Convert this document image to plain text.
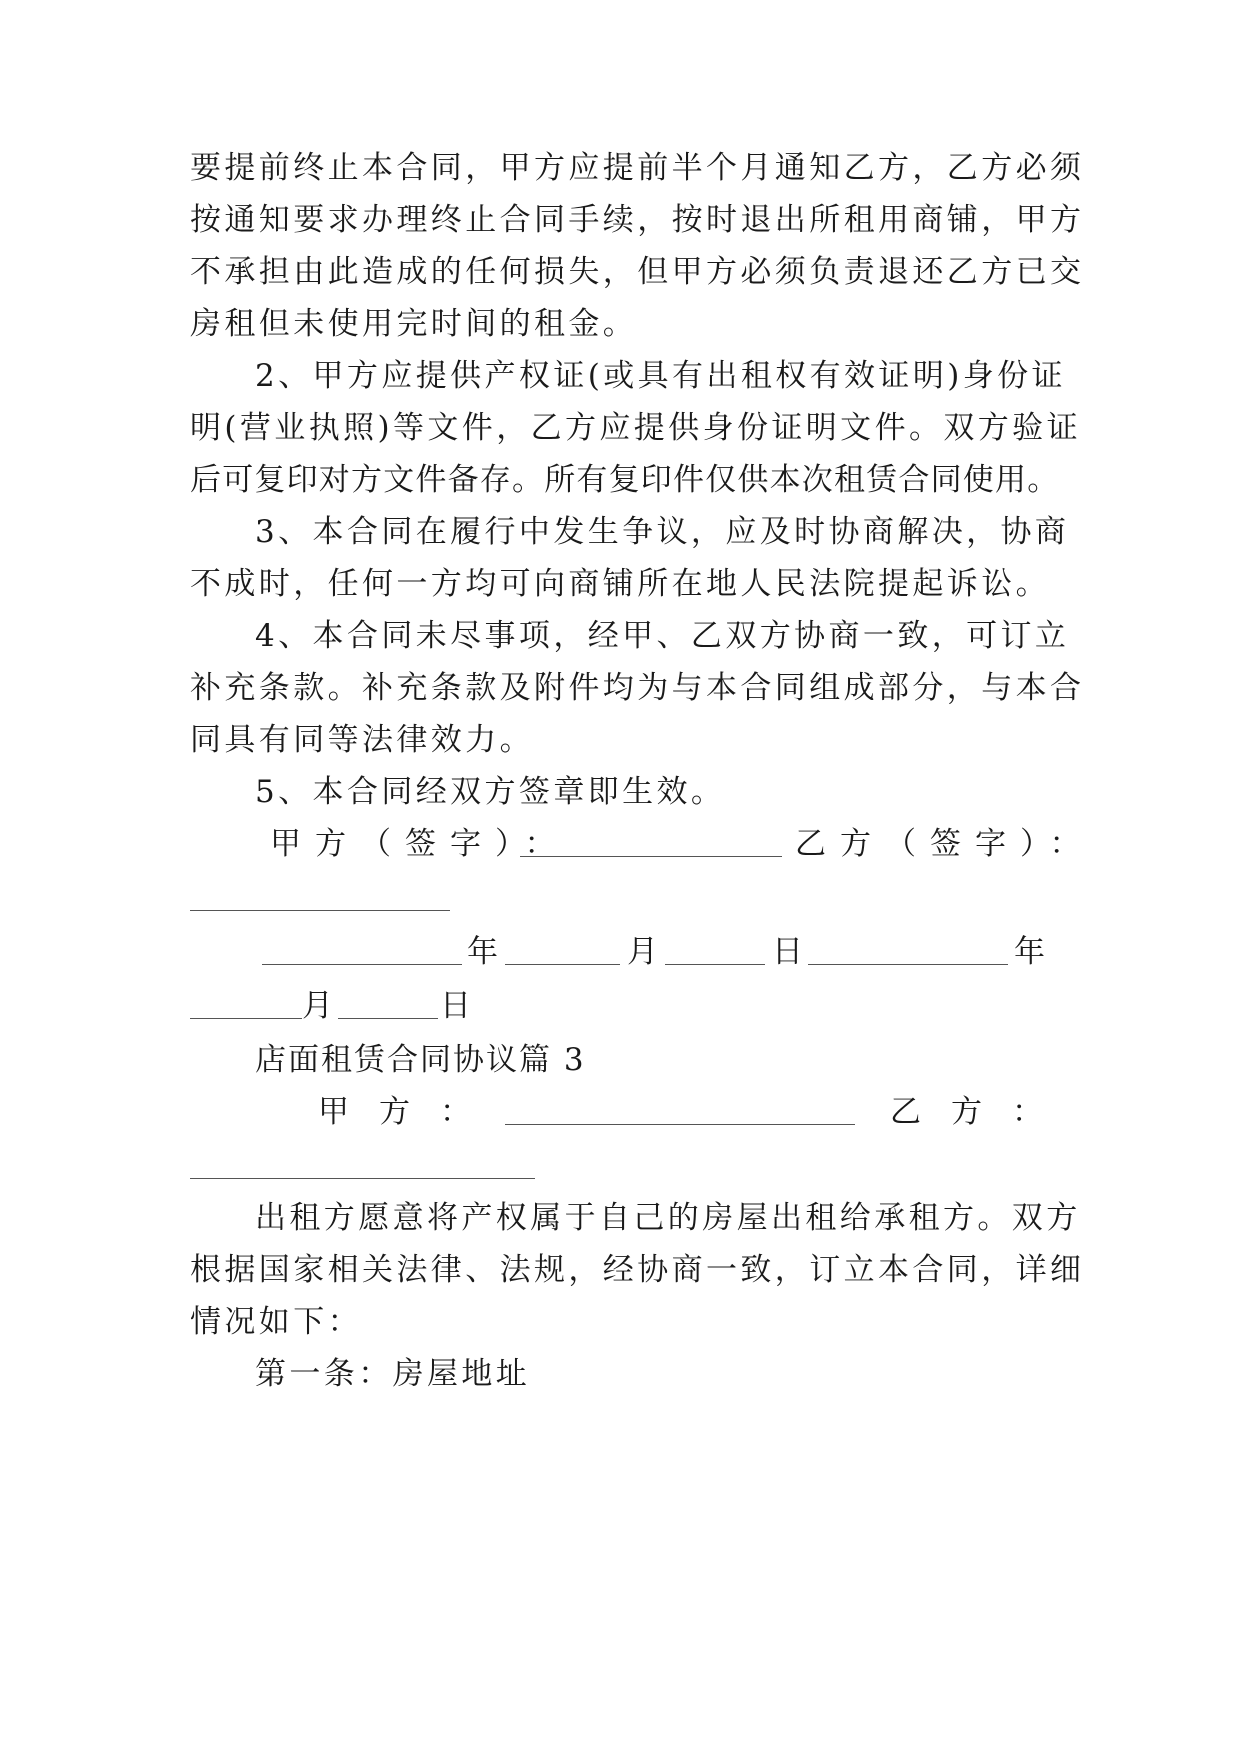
要提前终止本合同，甲方应提前半个月通知乙方，乙方必须
按通知要求办理终止合同手续，按时退出所租用商铺，甲方
不承担由此造成的任何损失，但甲方必须负责退还乙方已交
房租但未使用完时间的租金。
2、甲方应提供产权证(或具有出租权有效证明)身份证
明(营业执照)等文件，乙方应提供身份证明文件。双方验证
后可复印对方文件备存。所有复印件仅供本次租赁合同使用。
3、本合同在履行中发生争议，应及时协商解决，协商
不成时，任何一方均可向商铺所在地人民法院提起诉讼。
4、本合同未尽事项，经甲、乙双方协商一致，可订立
补充条款。补充条款及附件均为与本合同组成部分，与本合
同具有同等法律效力。
5、本合同经双方签章即生效。
甲方（签字）：	乙方（签字）：
年	月	日	年
月	日
店面租赁合同协议篇 3
甲方：	乙方：
出租方愿意将产权属于自己的房屋出租给承租方。双方
根据国家相关法律、法规，经协商一致，订立本合同，详细
情况如下：
第一条：房屋地址
